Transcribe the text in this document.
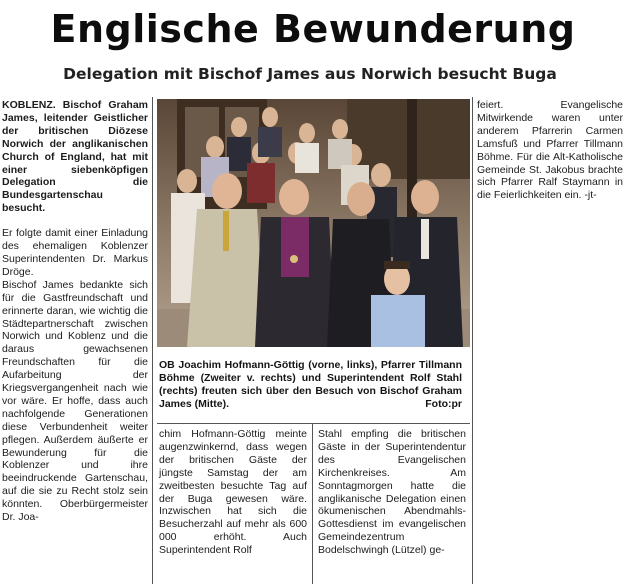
Englische Bewunderung
Delegation mit Bischof James aus Norwich besucht Buga

KOBLENZ. Bischof Graham James, leitender Geistlicher der britischen Diözese Norwich der anglikanischen Church of England, hat mit einer siebenköpfigen Delegation die Bundesgartenschau besucht.

Er folgte damit einer Einladung des ehemaligen Koblenzer Superintendenten Dr. Markus Dröge.

Bischof James bedankte sich für die Gastfreundschaft und erinnerte daran, wie wichtig die Städtepartnerschaft zwischen Norwich und Koblenz und die daraus gewachsenen Freundschaften für die Aufarbeitung der Kriegsvergangenheit nach wie vor wäre. Er hoffe, dass auch nachfolgende Generationen diese Verbundenheit weiter pflegen. Außerdem äußerte er Bewunderung für die Koblenzer und ihre beeindruckende Gartenschau, auf die sie zu Recht stolz sein könnten. Oberbürgermeister Dr. Joa-

OB Joachim Hofmann-Göttig (vorne, links), Pfarrer Tillmann Böhme (Zweiter v. rechts) und Superintendent Rolf Stahl (rechts) freuten sich über den Besuch von Bischof Graham James (Mitte).	Foto:pr

chim Hofmann-Göttig meinte augenzwinkernd, dass wegen der britischen Gäste der jüngste Samstag der am zweitbesten besuchte Tag auf der Buga gewesen wäre. Inzwischen hat sich die Besucherzahl auf mehr als 600 000 erhöht. Auch Superintendent Rolf

Stahl empfing die britischen Gäste in der Superintendentur des Evangelischen Kirchenkreises. Am Sonntagmorgen hatte die anglikanische Delegation einen ökumenischen Abendmahls-Gottesdienst im evangelischen Gemeindezentrum Bodelschwingh (Lützel) ge-

feiert. Evangelische Mitwirkende waren unter anderem Pfarrerin Carmen Lamsfuß und Pfarrer Tillmann Böhme. Für die Alt-Katholische Gemeinde St. Jakobus brachte sich Pfarrer Ralf Staymann in die Feierlichkeiten ein. -jt-
